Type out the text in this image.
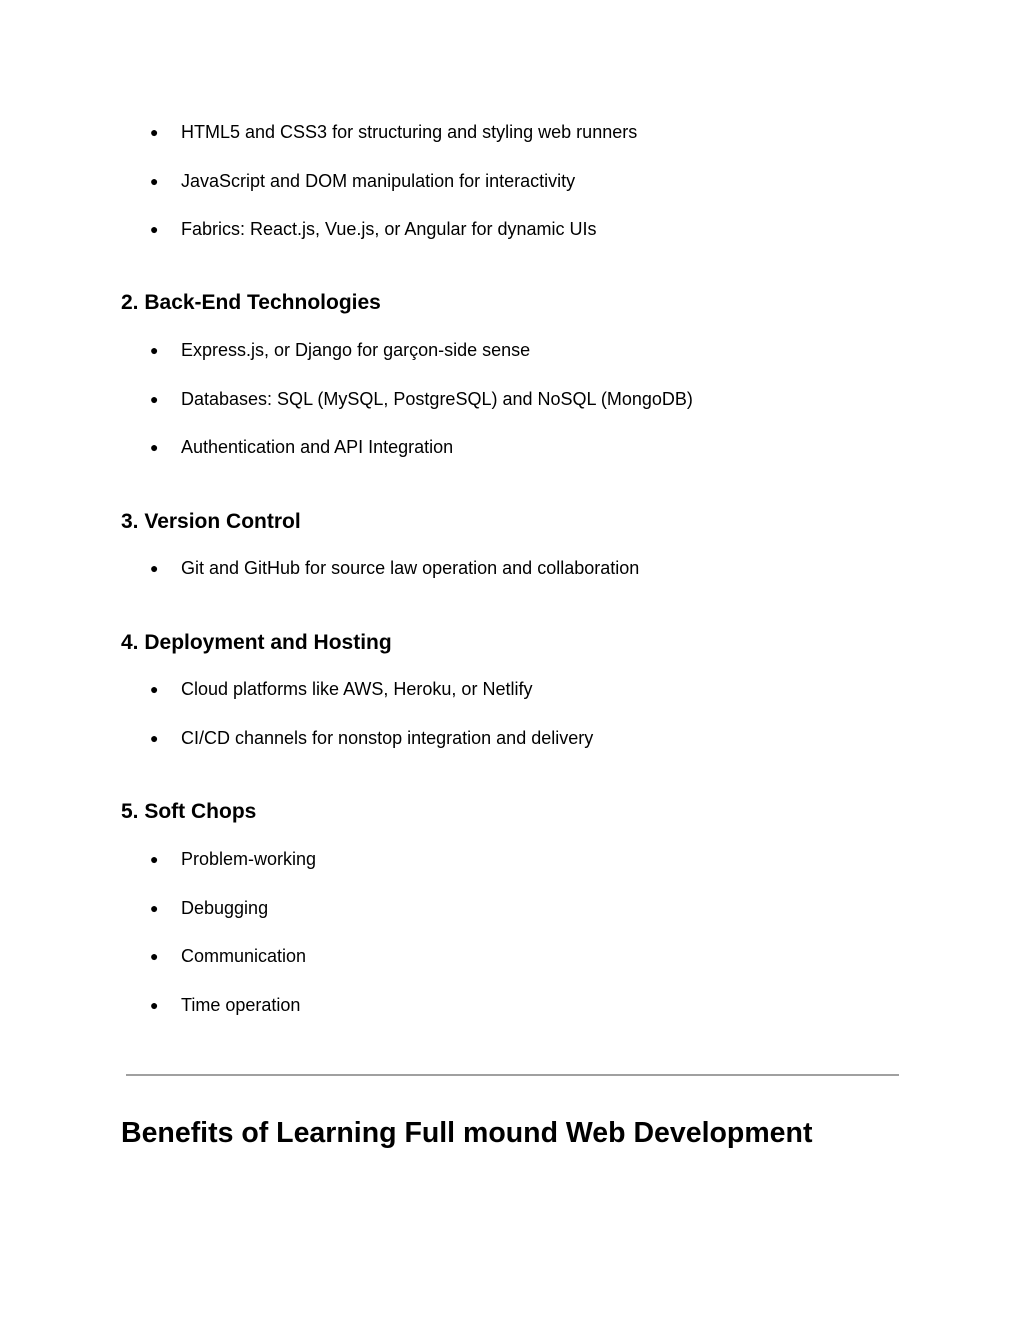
● HTML5 and CSS3 for structuring and styling web runners
● JavaScript and DOM manipulation for interactivity
● Fabrics: React.js, Vue.js, or Angular for dynamic UIs
2. Back-End Technologies
● Express.js, or Django for garçon-side sense
● Databases: SQL (MySQL, PostgreSQL) and NoSQL (MongoDB)
● Authentication and API Integration
3. Version Control
● Git and GitHub for source law operation and collaboration
4. Deployment and Hosting
● Cloud platforms like AWS, Heroku, or Netlify
● CI/CD channels for nonstop integration and delivery
5. Soft Chops
● Problem-working
● Debugging
● Communication
● Time operation
Benefits of Learning Full mound Web Development
